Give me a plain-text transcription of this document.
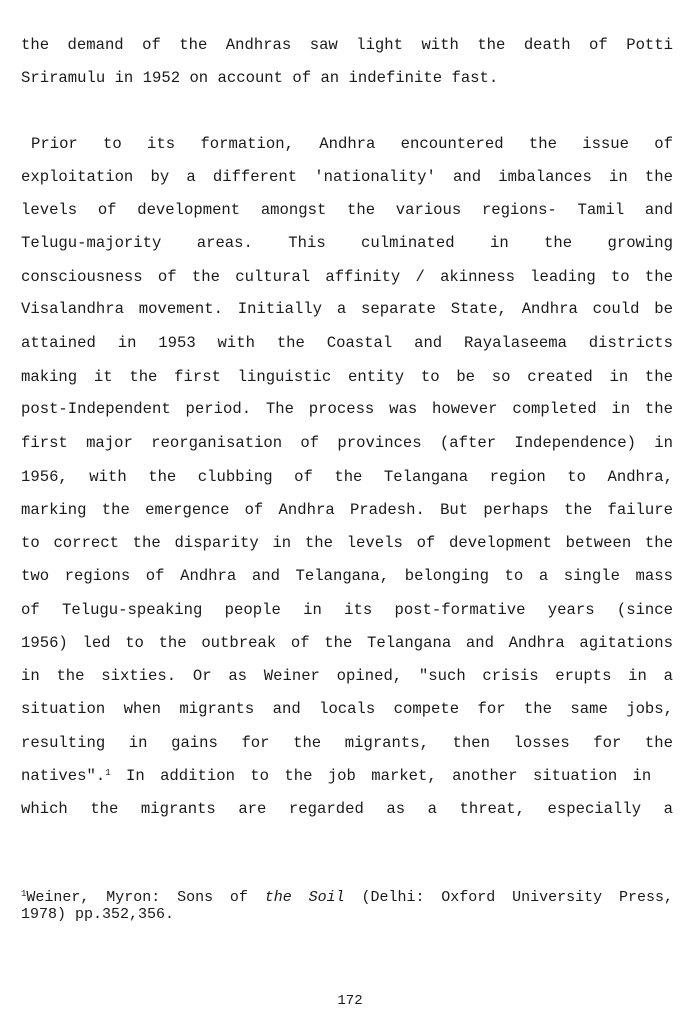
the demand of the Andhras saw light with the death of Potti
Sriramulu in 1952 on account of an indefinite fast.
Prior to its formation, Andhra encountered the issue of
exploitation by a different 'nationality' and imbalances in the
levels of development amongst the various regions- Tamil and
Telugu-majority areas. This culminated in the growing
consciousness of the cultural affinity / akinness leading to the
Visalandhra movement. Initially a separate State, Andhra could be
attained in 1953 with the Coastal and Rayalaseema districts
making it the first linguistic entity to be so created in the
post-Independent period. The process was however completed in the
first major reorganisation of provinces (after Independence) in
1956, with the clubbing of the Telangana region to Andhra,
marking the emergence of Andhra Pradesh. But perhaps the failure
to correct the disparity in the levels of development between the
two regions of Andhra and Telangana, belonging to a single mass
of Telugu-speaking people in its post-formative years (since
1956) led to the outbreak of the Telangana and Andhra agitations
in the sixties. Or as Weiner opined, "such crisis erupts in a
situation when migrants and locals compete for the same jobs,
resulting in gains for the migrants, then losses for the
natives".$^1$ In addition to the job market, another situation in
which the migrants are regarded as a threat, especially a
$^1$Weiner, Myron: Sons of the Soil (Delhi: Oxford University Press,
1978) pp.352,356.
172
